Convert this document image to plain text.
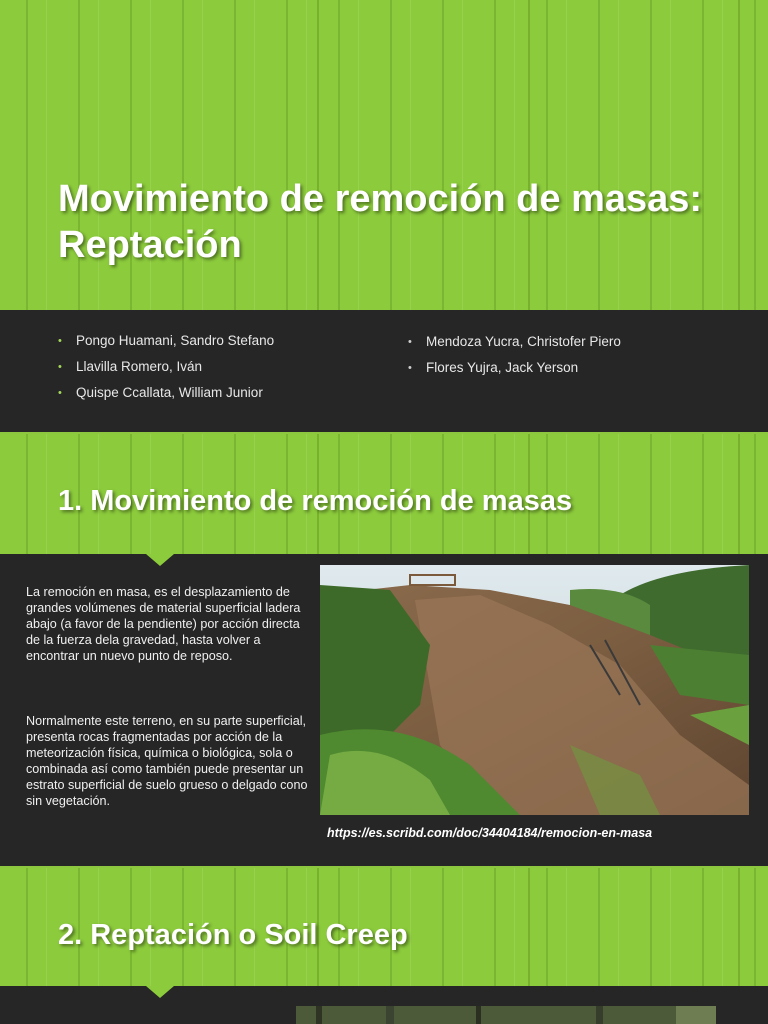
Movimiento de remoción de masas: Reptación
• Pongo Huamani, Sandro Stefano
• Llavilla Romero, Iván
• Quispe Ccallata, William Junior
• Mendoza Yucra, Christofer Piero
• Flores Yujra, Jack Yerson
1. Movimiento de remoción de masas

La remoción en masa, es el desplazamiento de grandes volúmenes de material superficial ladera abajo (a favor de la pendiente) por acción directa de la fuerza dela gravedad, hasta volver a encontrar un nuevo punto de reposo.

Normalmente este terreno, en su parte superficial, presenta rocas fragmentadas por acción de la meteorización física, química o biológica, sola o combinada así como también puede presentar un estrato superficial de suelo grueso o delgado cono sin vegetación.

https://es.scribd.com/doc/34404184/remocion-en-masa
2. Reptación o Soil Creep
